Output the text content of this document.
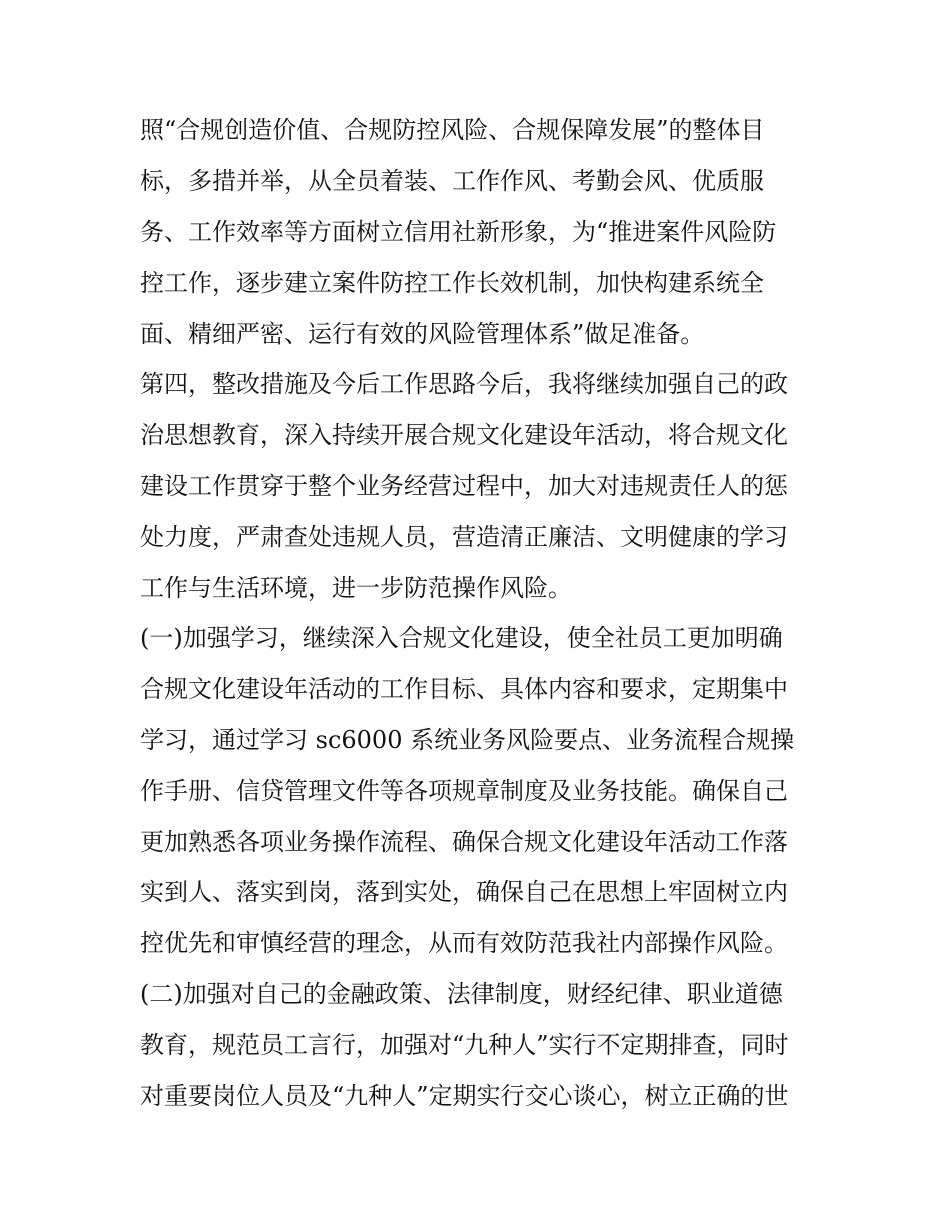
照“合规创造价值、合规防控风险、合规保障发展”的整体目
标，多措并举，从全员着装、工作作风、考勤会风、优质服
务、工作效率等方面树立信用社新形象，为“推进案件风险防
控工作，逐步建立案件防控工作长效机制，加快构建系统全
面、精细严密、运行有效的风险管理体系”做足准备。
第四，整改措施及今后工作思路今后，我将继续加强自己的政
治思想教育，深入持续开展合规文化建设年活动，将合规文化
建设工作贯穿于整个业务经营过程中，加大对违规责任人的惩
处力度，严肃查处违规人员，营造清正廉洁、文明健康的学习
工作与生活环境，进一步防范操作风险。
(一)加强学习，继续深入合规文化建设，使全社员工更加明确
合规文化建设年活动的工作目标、具体内容和要求，定期集中
学习，通过学习 sc6000 系统业务风险要点、业务流程合规操
作手册、信贷管理文件等各项规章制度及业务技能。确保自己
更加熟悉各项业务操作流程、确保合规文化建设年活动工作落
实到人、落实到岗，落到实处，确保自己在思想上牢固树立内
控优先和审慎经营的理念，从而有效防范我社内部操作风险。
(二)加强对自己的金融政策、法律制度，财经纪律、职业道德
教育，规范员工言行，加强对“九种人”实行不定期排查，同时
对重要岗位人员及“九种人”定期实行交心谈心，树立正确的世
